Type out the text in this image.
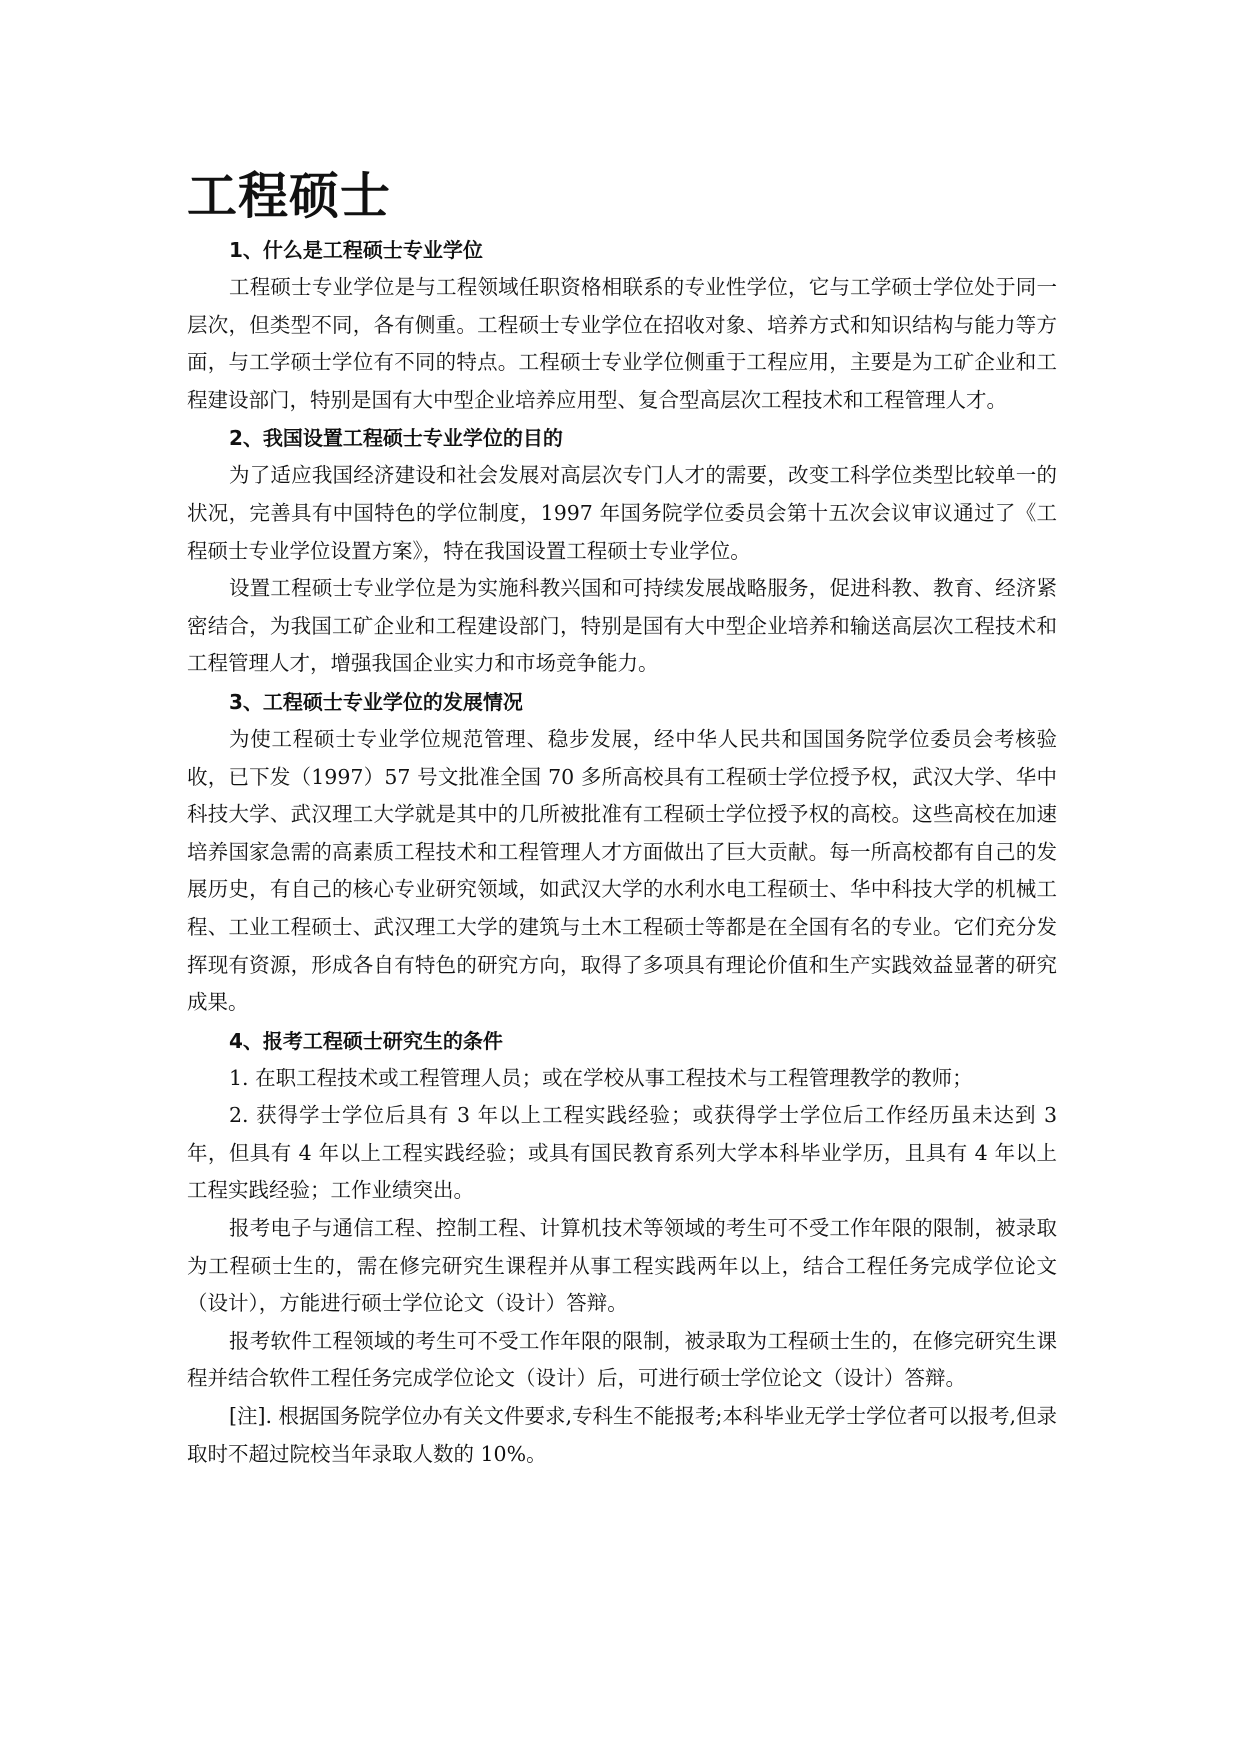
工程硕士

1、什么是工程硕士专业学位

工程硕士专业学位是与工程领域任职资格相联系的专业性学位，它与工学硕士学位处于同一层次，但类型不同，各有侧重。工程硕士专业学位在招收对象、培养方式和知识结构与能力等方面，与工学硕士学位有不同的特点。工程硕士专业学位侧重于工程应用，主要是为工矿企业和工程建设部门，特别是国有大中型企业培养应用型、复合型高层次工程技术和工程管理人才。

2、我国设置工程硕士专业学位的目的

为了适应我国经济建设和社会发展对高层次专门人才的需要，改变工科学位类型比较单一的状况，完善具有中国特色的学位制度，1997 年国务院学位委员会第十五次会议审议通过了《工程硕士专业学位设置方案》，特在我国设置工程硕士专业学位。

设置工程硕士专业学位是为实施科教兴国和可持续发展战略服务，促进科教、教育、经济紧密结合，为我国工矿企业和工程建设部门，特别是国有大中型企业培养和输送高层次工程技术和工程管理人才，增强我国企业实力和市场竞争能力。

3、工程硕士专业学位的发展情况

为使工程硕士专业学位规范管理、稳步发展，经中华人民共和国国务院学位委员会考核验收，已下发（1997）57 号文批准全国 70 多所高校具有工程硕士学位授予权，武汉大学、华中科技大学、武汉理工大学就是其中的几所被批准有工程硕士学位授予权的高校。这些高校在加速培养国家急需的高素质工程技术和工程管理人才方面做出了巨大贡献。每一所高校都有自己的发展历史，有自己的核心专业研究领域，如武汉大学的水利水电工程硕士、华中科技大学的机械工程、工业工程硕士、武汉理工大学的建筑与土木工程硕士等都是在全国有名的专业。它们充分发挥现有资源，形成各自有特色的研究方向，取得了多项具有理论价值和生产实践效益显著的研究成果。

4、报考工程硕士研究生的条件

1. 在职工程技术或工程管理人员；或在学校从事工程技术与工程管理教学的教师；

2. 获得学士学位后具有 3 年以上工程实践经验；或获得学士学位后工作经历虽未达到 3 年，但具有 4 年以上工程实践经验；或具有国民教育系列大学本科毕业学历，且具有 4 年以上工程实践经验；工作业绩突出。

报考电子与通信工程、控制工程、计算机技术等领域的考生可不受工作年限的限制，被录取为工程硕士生的，需在修完研究生课程并从事工程实践两年以上，结合工程任务完成学位论文（设计），方能进行硕士学位论文（设计）答辩。

报考软件工程领域的考生可不受工作年限的限制，被录取为工程硕士生的，在修完研究生课程并结合软件工程任务完成学位论文（设计）后，可进行硕士学位论文（设计）答辩。

[注]. 根据国务院学位办有关文件要求,专科生不能报考;本科毕业无学士学位者可以报考,但录取时不超过院校当年录取人数的 10%。
